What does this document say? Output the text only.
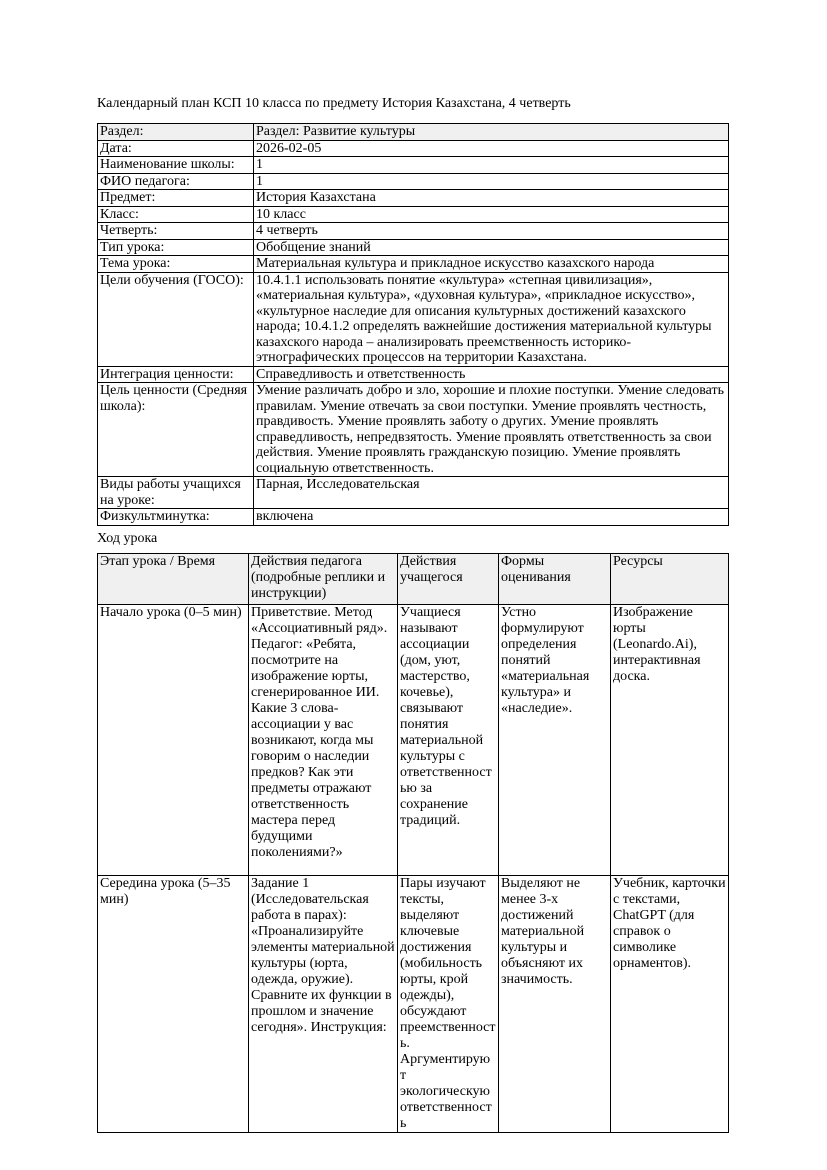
Календарный план КСП 10 класса по предмету История Казахстана, 4 четверть

Раздел:	Раздел: Развитие культуры
Дата:	2026-02-05
Наименование школы:	1
ФИО педагога:	1
Предмет:	История Казахстана
Класс:	10 класс
Четверть:	4 четверть
Тип урока:	Обобщение знаний
Тема урока:	Материальная культура и прикладное искусство казахского народа
Цели обучения (ГОСО):	10.4.1.1 использовать понятие «культура» «степная цивилизация», «материальная культура», «духовная культура», «прикладное искусство», «культурное наследие для описания культурных достижений казахского народа; 10.4.1.2 определять важнейшие достижения материальной культуры казахского народа – анализировать преемственность историко-этнографических процессов на территории Казахстана.
Интеграция ценности:	Справедливость и ответственность
Цель ценности (Средняя школа):	Умение различать добро и зло, хорошие и плохие поступки. Умение следовать правилам. Умение отвечать за свои поступки. Умение проявлять честность, правдивость. Умение проявлять заботу о других. Умение проявлять справедливость, непредвзятость. Умение проявлять ответственность за свои действия. Умение проявлять гражданскую позицию. Умение проявлять социальную ответственность.
Виды работы учащихся на уроке:	Парная, Исследовательская
Физкультминутка:	включена

Ход урока

Этап урока / Время	Действия педагога (подробные реплики и инструкции)	Действия учащегося	Формы оценивания	Ресурсы
Начало урока (0–5 мин)	Приветствие. Метод «Ассоциативный ряд». Педагог: «Ребята, посмотрите на изображение юрты, сгенерированное ИИ. Какие 3 слова-ассоциации у вас возникают, когда мы говорим о наследии предков? Как эти предметы отражают ответственность мастера перед будущими поколениями?»	Учащиеся называют ассоциации (дом, уют, мастерство, кочевье), связывают понятия материальной культуры с ответственностью за сохранение традиций.	Устно формулируют определения понятий «материальная культура» и «наследие».	Изображение юрты (Leonardo.Ai), интерактивная доска.
Середина урока (5–35 мин)	Задание 1 (Исследовательская работа в парах): «Проанализируйте элементы материальной культуры (юрта, одежда, оружие). Сравните их функции в прошлом и значение сегодня». Инструкция:	Пары изучают тексты, выделяют ключевые достижения (мобильность юрты, крой одежды), обсуждают преемственность. Аргументируют экологическую ответственность	Выделяют не менее 3-х достижений материальной культуры и объясняют их значимость.	Учебник, карточки с текстами, ChatGPT (для справок о символике орнаментов).
